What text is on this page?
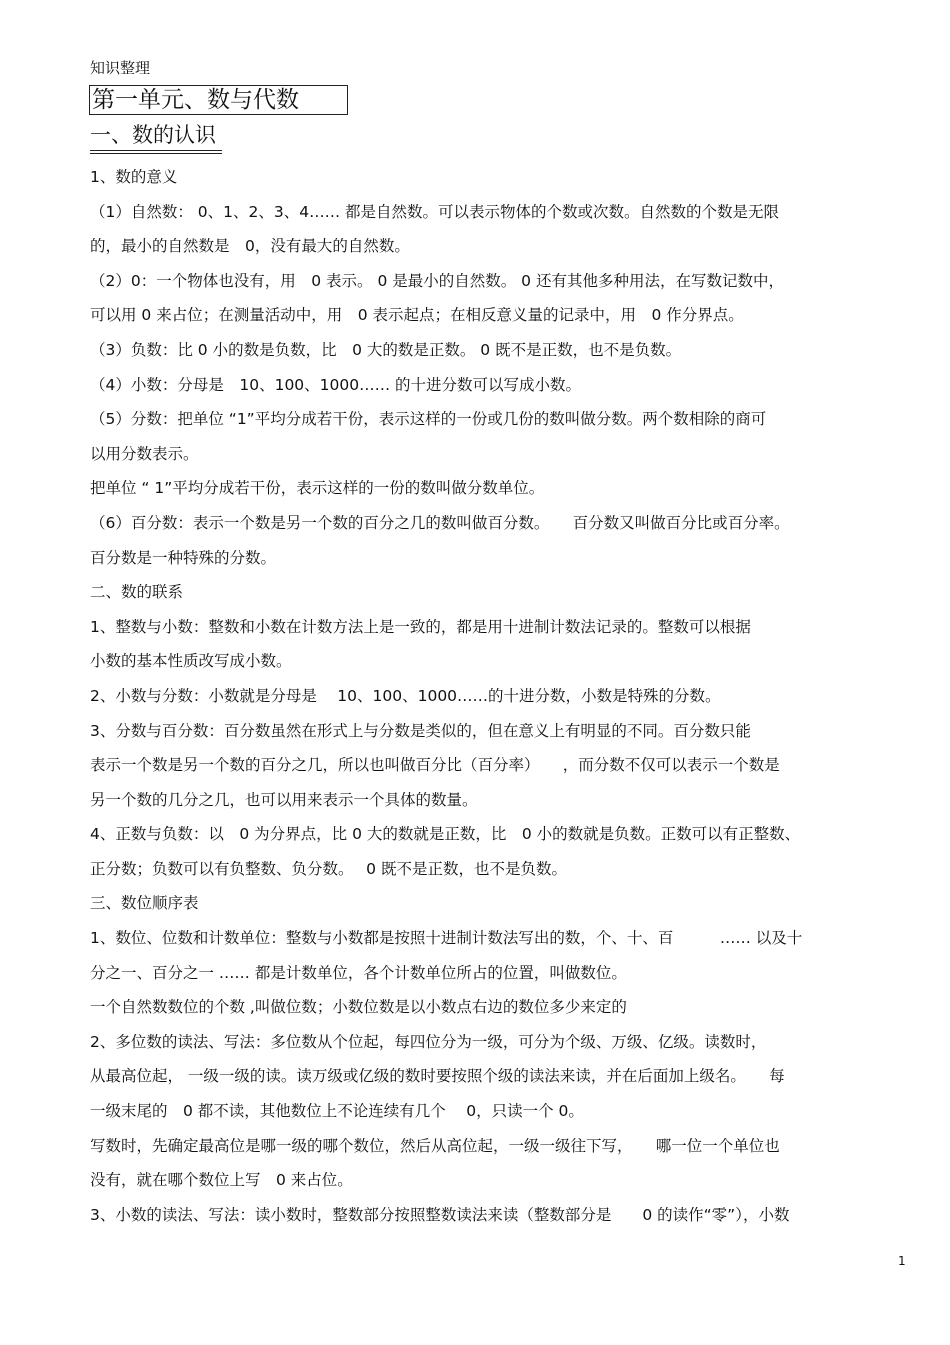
知识整理
第一单元、数与代数
一、数的认识
1、数的意义
（1）自然数： 0、1、2、3、4…… 都是自然数。可以表示物体的个数或次数。自然数的个数是无限
的，最小的自然数是　0，没有最大的自然数。
（2）0：一个物体也没有，用　0 表示。 0 是最小的自然数。 0 还有其他多种用法，在写数记数中，
可以用 0 来占位；在测量活动中，用　0 表示起点；在相反意义量的记录中，用　0 作分界点。
（3）负数：比 0 小的数是负数，比　0 大的数是正数。 0 既不是正数，也不是负数。
（4）小数：分母是　10、100、1000…… 的十进分数可以写成小数。
（5）分数：把单位 “1”平均分成若干份，表示这样的一份或几份的数叫做分数。两个数相除的商可
以用分数表示。
把单位 “ 1”平均分成若干份，表示这样的一份的数叫做分数单位。
（6）百分数：表示一个数是另一个数的百分之几的数叫做百分数。　　百分数又叫做百分比或百分率。
百分数是一种特殊的分数。
二、数的联系
1、整数与小数：整数和小数在计数方法上是一致的，都是用十进制计数法记录的。整数可以根据
小数的基本性质改写成小数。
2、小数与分数：小数就是分母是　 10、100、1000……的十进分数，小数是特殊的分数。
3、分数与百分数：百分数虽然在形式上与分数是类似的，但在意义上有明显的不同。百分数只能
表示一个数是另一个数的百分之几，所以也叫做百分比（百分率）　　，而分数不仅可以表示一个数是
另一个数的几分之几，也可以用来表示一个具体的数量。
4、正数与负数：以　0 为分界点，比 0 大的数就是正数，比　0 小的数就是负数。正数可以有正整数、
正分数；负数可以有负整数、负分数。　 0 既不是正数，也不是负数。
三、数位顺序表
1、数位、位数和计数单位：整数与小数都是按照十进制计数法写出的数，个、十、百　　　…… 以及十
分之一、百分之一 …… 都是计数单位，各个计数单位所占的位置，叫做数位。
一个自然数数位的个数 ,叫做位数；小数位数是以小数点右边的数位多少来定的
2、多位数的读法、写法：多位数从个位起，每四位分为一级，可分为个级、万级、亿级。读数时，
从最高位起， 一级一级的读。读万级或亿级的数时要按照个级的读法来读，并在后面加上级名。　　每
一级末尾的　0 都不读，其他数位上不论连续有几个　 0，只读一个 0。
写数时，先确定最高位是哪一级的哪个数位，然后从高位起，一级一级往下写，　　哪一位一个单位也
没有，就在哪个数位上写　0 来占位。
3、小数的读法、写法：读小数时，整数部分按照整数读法来读（整数部分是　　0 的读作“零”），小数
1
